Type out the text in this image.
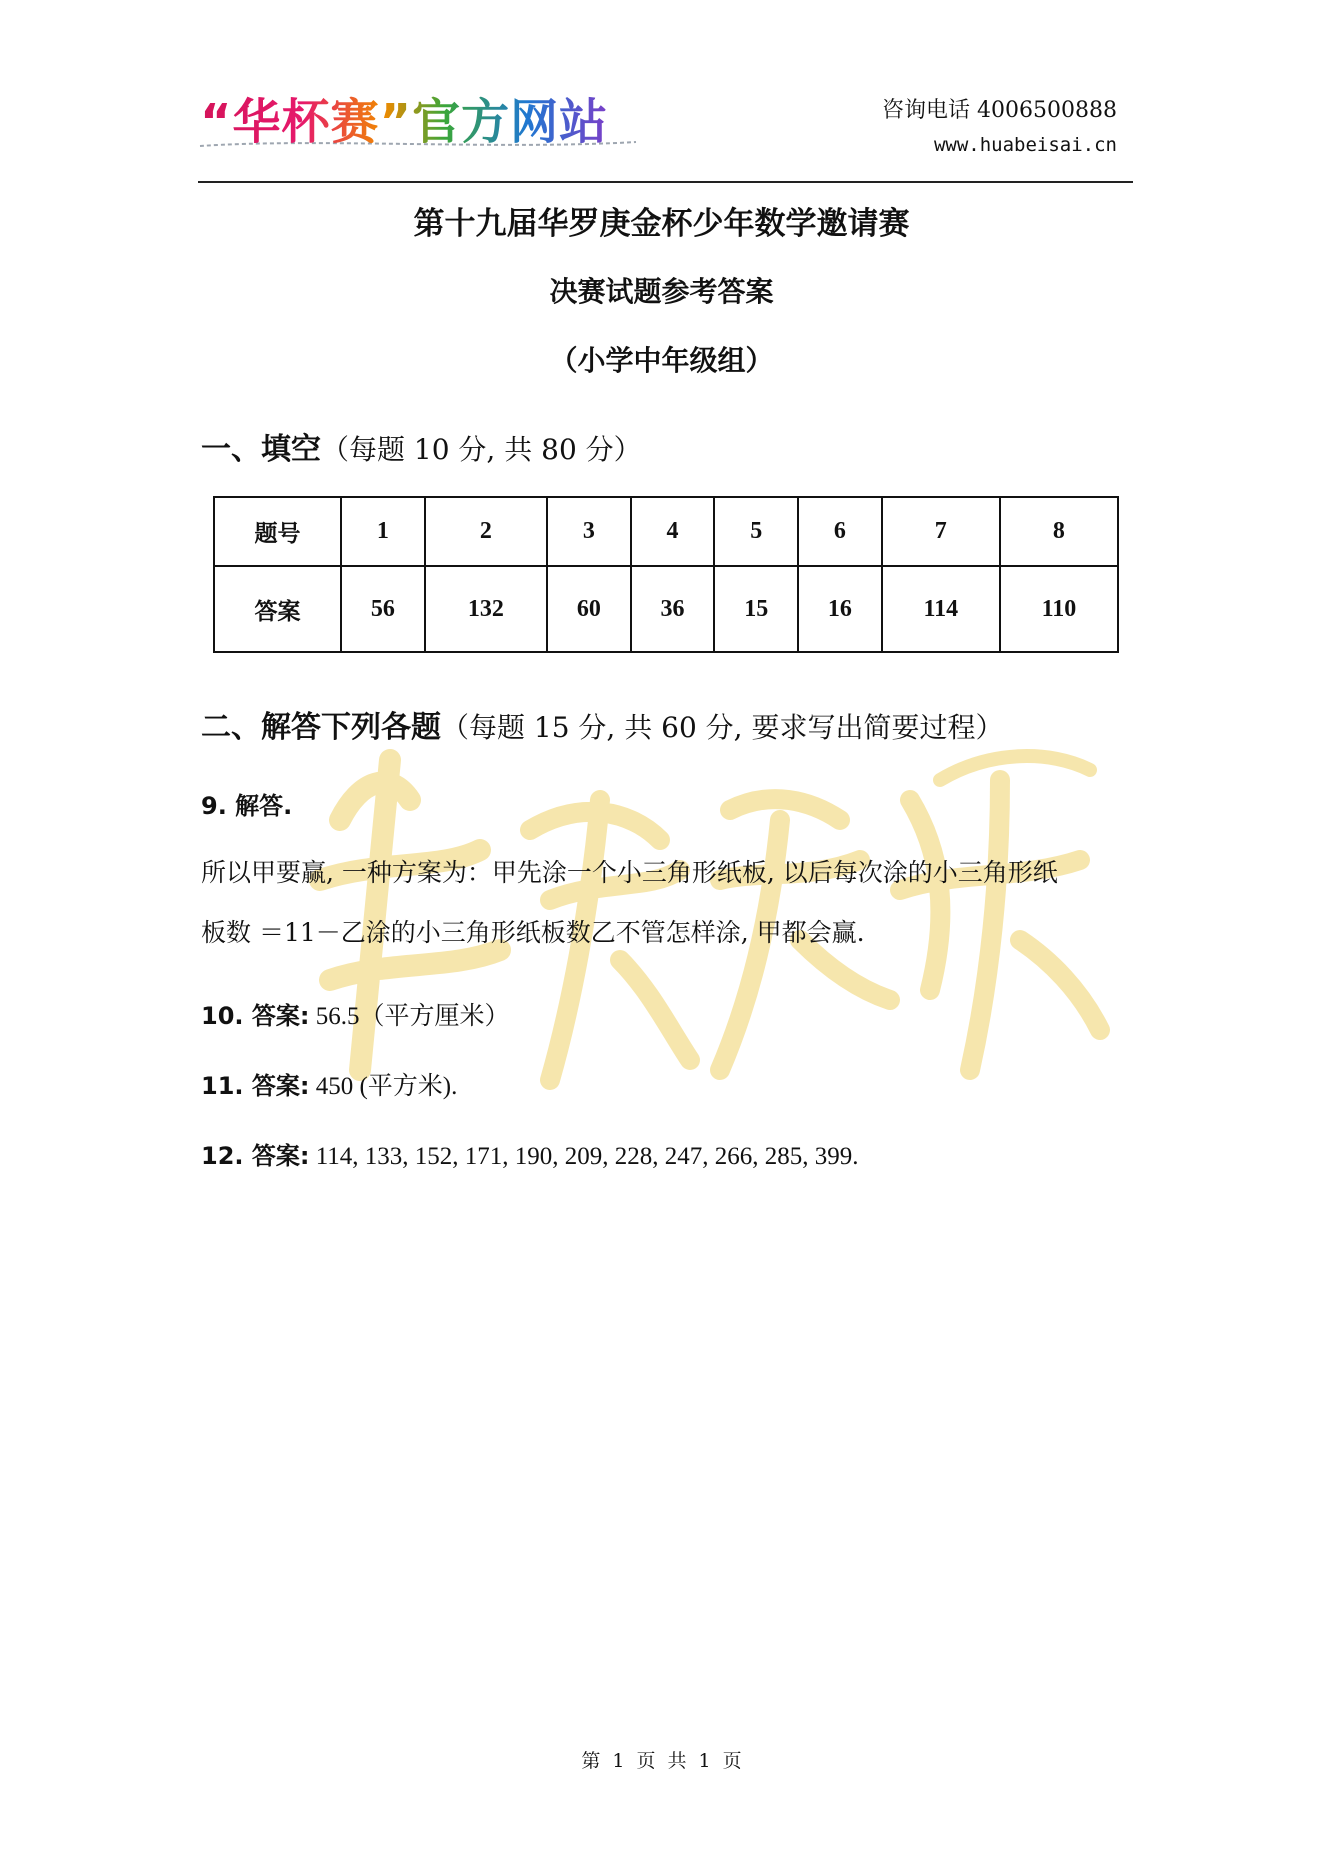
“华杯赛”官方网站	咨询电话 4006500888
www.huabeisai.cn
第十九届华罗庚金杯少年数学邀请赛
决赛试题参考答案
（小学中年级组）
一、填空（每题 10 分, 共 80 分）
题号	1	2	3	4	5	6	7	8
答案	56	132	60	36	15	16	114	110
二、解答下列各题（每题 15 分, 共 60 分, 要求写出简要过程）
9. 解答.
所以甲要赢, 一种方案为：甲先涂一个小三角形纸板, 以后每次涂的小三角形纸
板数 ＝11－乙涂的小三角形纸板数乙不管怎样涂, 甲都会赢.
10. 答案: 56.5（平方厘米）
11. 答案: 450 (平方米).
12. 答案: 114, 133, 152, 171, 190, 209, 228, 247, 266, 285, 399.
第 1 页 共 1 页
